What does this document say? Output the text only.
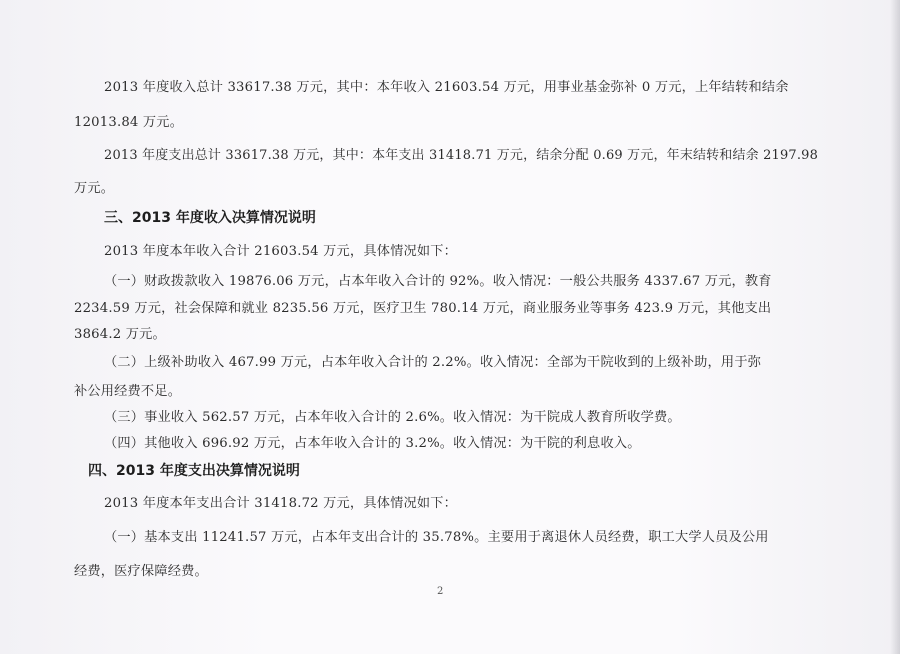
2013 年度收入总计 33617.38 万元，其中：本年收入 21603.54 万元，用事业基金弥补 0 万元，上年结转和结余
12013.84 万元。
2013 年度支出总计 33617.38 万元，其中：本年支出 31418.71 万元，结余分配 0.69 万元，年末结转和结余 2197.98
万元。
三、2013 年度收入决算情况说明
2013 年度本年收入合计 21603.54 万元，具体情况如下：
（一）财政拨款收入 19876.06 万元，占本年收入合计的 92%。收入情况：一般公共服务 4337.67 万元，教育
2234.59 万元，社会保障和就业 8235.56 万元，医疗卫生 780.14 万元，商业服务业等事务 423.9 万元，其他支出
3864.2 万元。
（二）上级补助收入 467.99 万元，占本年收入合计的 2.2%。收入情况：全部为干院收到的上级补助，用于弥
补公用经费不足。
（三）事业收入 562.57 万元，占本年收入合计的 2.6%。收入情况：为干院成人教育所收学费。
（四）其他收入 696.92 万元，占本年收入合计的 3.2%。收入情况：为干院的利息收入。
四、2013 年度支出决算情况说明
2013 年度本年支出合计 31418.72 万元，具体情况如下：
（一）基本支出 11241.57 万元，占本年支出合计的 35.78%。主要用于离退休人员经费，职工大学人员及公用
经费，医疗保障经费。
2
